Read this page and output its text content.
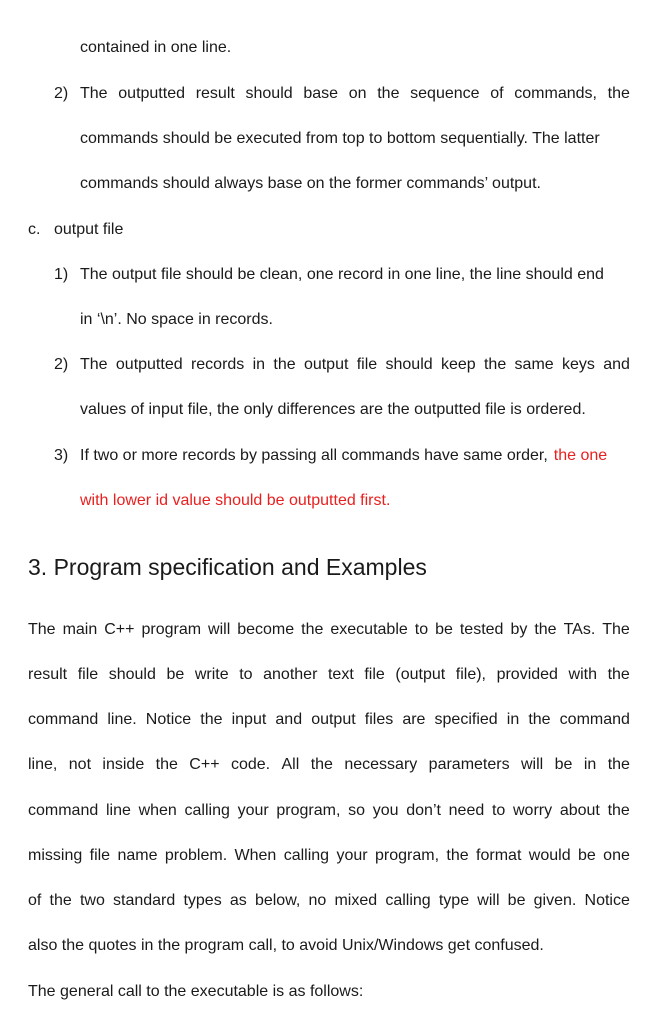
contained in one line.
2) The outputted result should base on the sequence of commands, the
commands should be executed from top to bottom sequentially. The latter
commands should always base on the former commands’ output.
c. output file
1) The output file should be clean, one record in one line, the line should end
in ‘\n’. No space in records.
2) The outputted records in the output file should keep the same keys and
values of input file, the only differences are the outputted file is ordered.
3) If two or more records by passing all commands have same order, the one
with lower id value should be outputted first.
3. Program specification and Examples
The main C++ program will become the executable to be tested by the TAs. The
result file should be write to another text file (output file), provided with the
command line. Notice the input and output files are specified in the command
line, not inside the C++ code. All the necessary parameters will be in the
command line when calling your program, so you don’t need to worry about the
missing file name problem. When calling your program, the format would be one
of the two standard types as below, no mixed calling type will be given. Notice
also the quotes in the program call, to avoid Unix/Windows get confused.
The general call to the executable is as follows:
